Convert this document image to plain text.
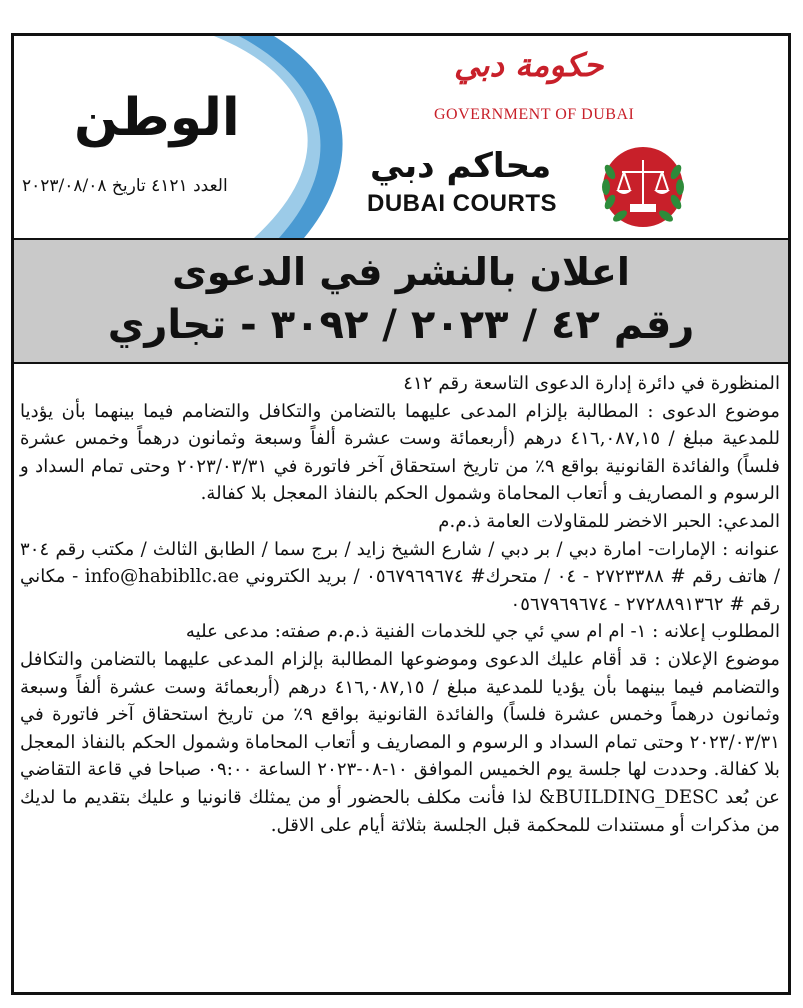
الوطن
العدد ٤١٢١ تاريخ ٢٠٢٣/٠٨/٠٨
حكومة دبي
GOVERNMENT OF DUBAI
محاكم دبي
DUBAI COURTS
اعلان بالنشر في الدعوى
رقم ٤٢ / ٢٠٢٣ / ٣٠٩٢ - تجاري

المنظورة في دائرة إدارة الدعوى التاسعة رقم ٤١٢

موضوع الدعوى : المطالبة بإلزام المدعى عليهما بالتضامن والتكافل والتضامم فيما بينهما بأن يؤديا للمدعية مبلغ / ٤١٦,٠٨٧,١٥ درهم (أربعمائة وست عشرة ألفاً وسبعة وثمانون درهماً وخمس عشرة فلساً) والفائدة القانونية بواقع ٩٪ من تاريخ استحقاق آخر فاتورة في ٢٠٢٣/٠٣/٣١ وحتى تمام السداد و الرسوم و المصاريف و أتعاب المحاماة وشمول الحكم بالنفاذ المعجل بلا كفالة.

المدعي: الحبر الاخضر للمقاولات العامة ذ.م.م

عنوانه : الإمارات- امارة دبي / بر دبي / شارع الشيخ زايد / برج سما / الطابق الثالث / مكتب رقم ٣٠٤ / هاتف رقم # ٢٧٢٣٣٨٨ - ٠٤ / متحرك# ٠٥٦٧٩٦٩٦٧٤ / بريد الكتروني info@habibllc.ae - مكاني رقم # ٢٧٢٨٨٩١٣٦٢ - ٠٥٦٧٩٦٩٦٧٤

المطلوب إعلانه : ١- ام ام سي ئي جي للخدمات الفنية ذ.م.م صفته: مدعى عليه

موضوع الإعلان : قد أقام عليك الدعوى وموضوعها المطالبة بإلزام المدعى عليهما بالتضامن والتكافل والتضامم فيما بينهما بأن يؤديا للمدعية مبلغ / ٤١٦,٠٨٧,١٥ درهم (أربعمائة وست عشرة ألفاً وسبعة وثمانون درهماً وخمس عشرة فلساً) والفائدة القانونية بواقع ٩٪ من تاريخ استحقاق آخر فاتورة في ٢٠٢٣/٠٣/٣١ وحتى تمام السداد و الرسوم و المصاريف و أتعاب المحاماة وشمول الحكم بالنفاذ المعجل بلا كفالة. وحددت لها جلسة يوم الخميس الموافق ١٠-٠٨-٢٠٢٣ الساعة ٠٩:٠٠ صباحا في قاعة التقاضي عن بُعد BUILDING_DESC& لذا فأنت مكلف بالحضور أو من يمثلك قانونيا و عليك بتقديم ما لديك من مذكرات أو مستندات للمحكمة قبل الجلسة بثلاثة أيام على الاقل.
